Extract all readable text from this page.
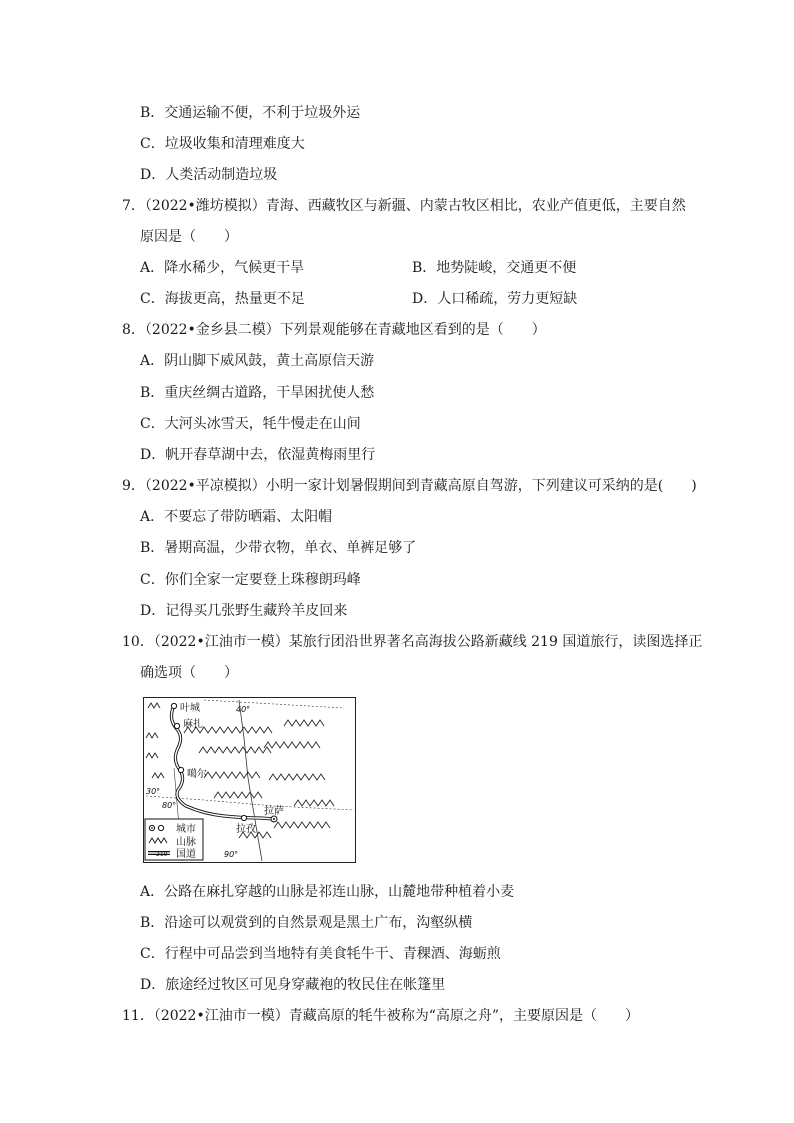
B．交通运输不便，不利于垃圾外运
C．垃圾收集和清理难度大
D．人类活动制造垃圾
7．（2022•潍坊模拟）青海、西藏牧区与新疆、内蒙古牧区相比，农业产值更低，主要自然
原因是（　　）
A．降水稀少，气候更干旱	B．地势陡峻，交通更不便
C．海拔更高，热量更不足	D．人口稀疏，劳力更短缺
8．（2022•金乡县二模）下列景观能够在青藏地区看到的是（　　）
A．阴山脚下威风鼓，黄土高原信天游
B．重庆丝绸古道路，干旱困扰使人愁
C．大河头冰雪天，牦牛慢走在山间
D．帆开春草湖中去，依湿黄梅雨里行
9．（2022•平凉模拟）小明一家计划暑假期间到青藏高原自驾游，下列建议可采纳的是(　　)
A．不要忘了带防晒霜、太阳帽
B．暑期高温，少带衣物，单衣、单裤足够了
C．你们全家一定要登上珠穆朗玛峰
D．记得买几张野生藏羚羊皮回来
10．（2022•江油市一模）某旅行团沿世界著名高海拔公路新藏线 219 国道旅行，读图选择正
确选项（　　）
叶城
麻扎
噶尔
拉孜
拉萨
40°
30°
80°
90°
219
城市
山脉
国道
A．公路在麻扎穿越的山脉是祁连山脉，山麓地带种植着小麦
B．沿途可以观赏到的自然景观是黑土广布，沟壑纵横
C．行程中可品尝到当地特有美食牦牛干、青稞酒、海蛎煎
D．旅途经过牧区可见身穿藏袍的牧民住在帐篷里
11．（2022•江油市一模）青藏高原的牦牛被称为“高原之舟”，主要原因是（　　）
